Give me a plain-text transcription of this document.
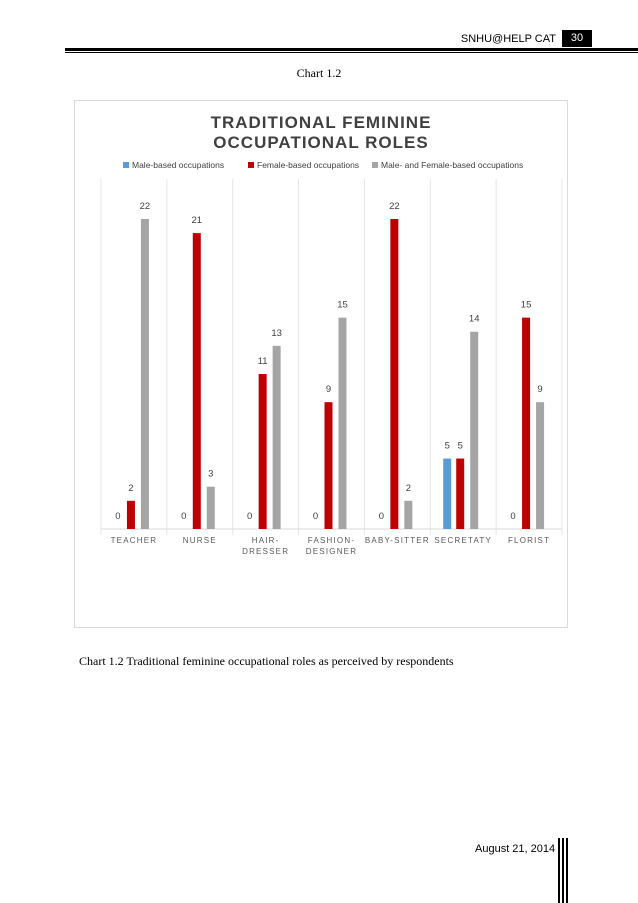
SNHU@HELP CAT	30
Chart 1.2
TRADITIONAL FEMININE
OCCUPATIONAL ROLES
Male-based occupations	Female-based occupations	Male- and Female-based occupations
0
2
22
TEACHER
0
21
3
NURSE
0
11
13
HAIR-
DRESSER
0
9
15
FASHION-
DESIGNER
0
22
2
BABY-SITTER
5 5
14
SECRETATY
0
15
9
FLORIST
Chart 1.2 Traditional feminine occupational roles as perceived by respondents
August 21, 2014
